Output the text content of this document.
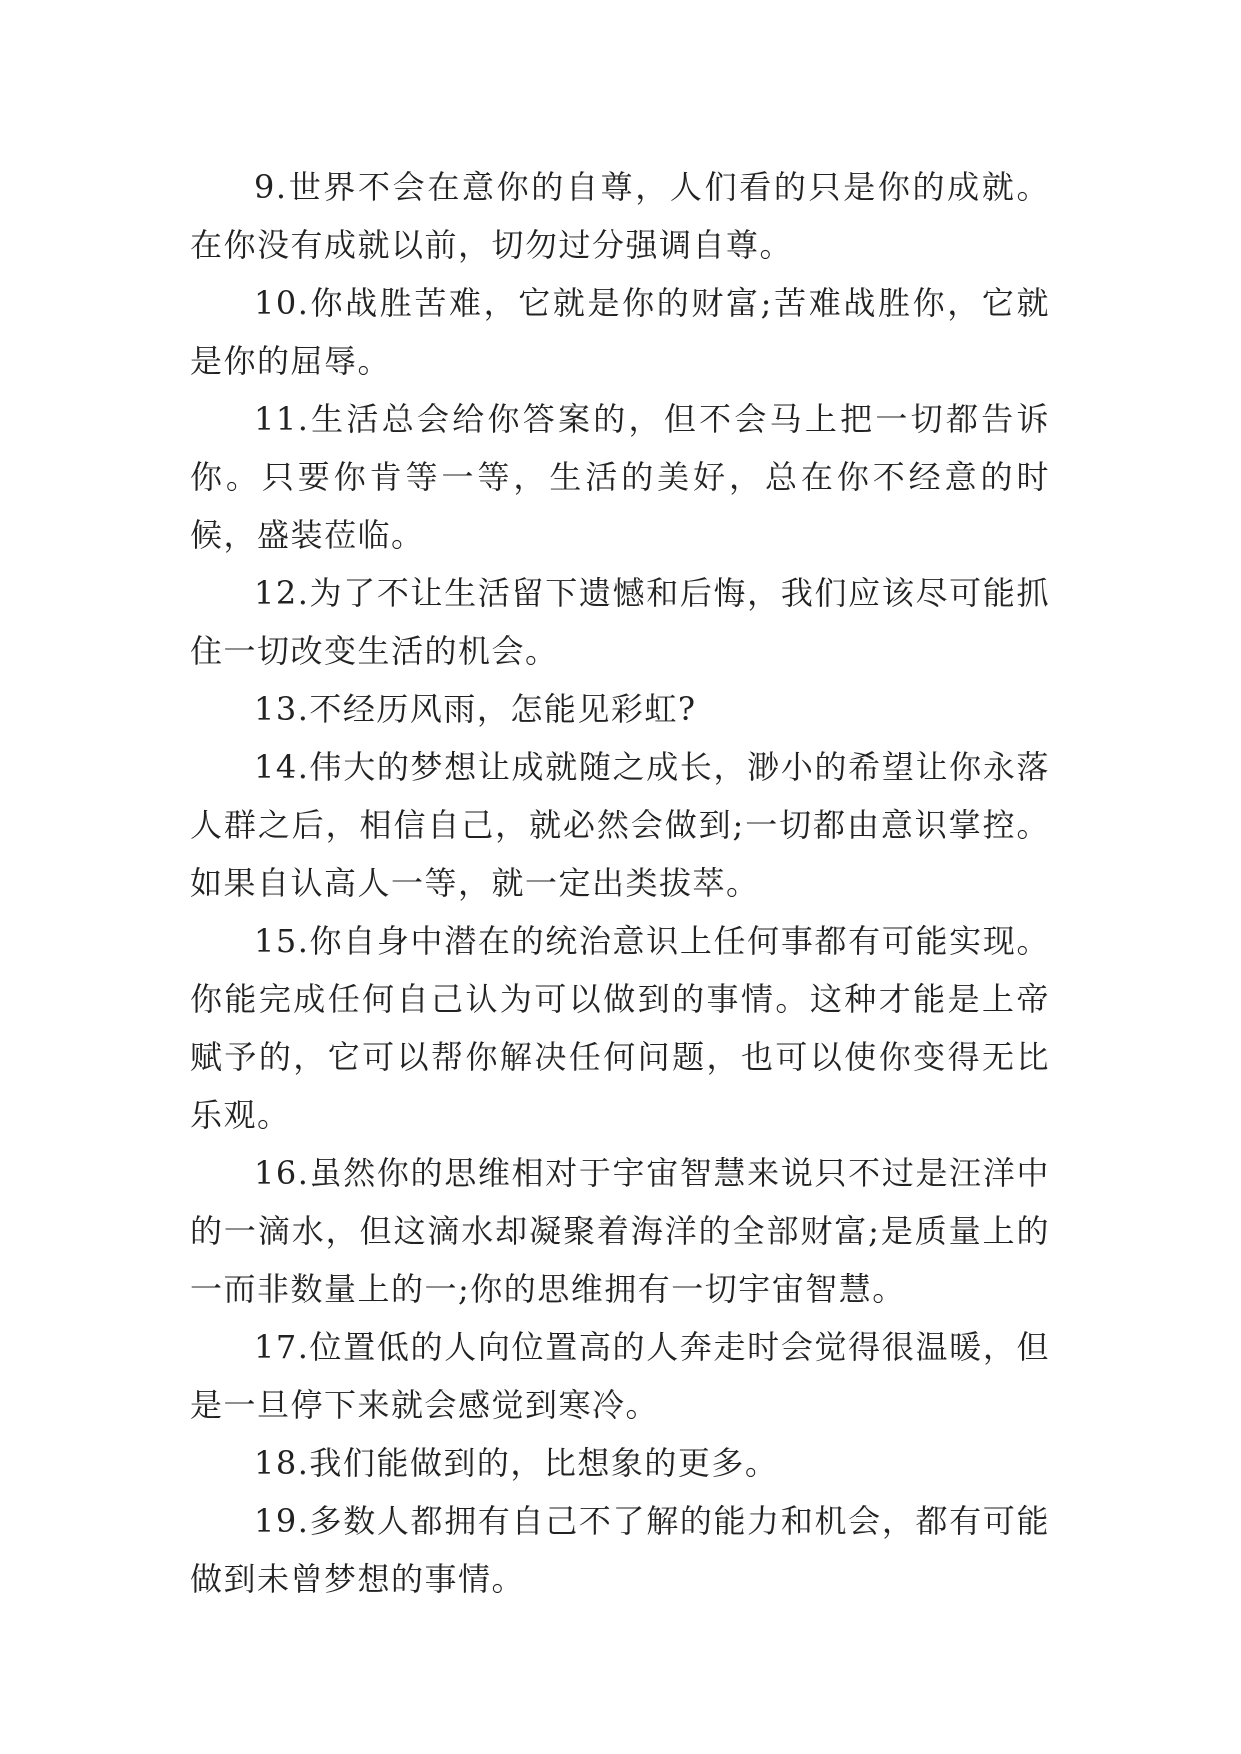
9.世界不会在意你的自尊，人们看的只是你的成就。在你没有成就以前，切勿过分强调自尊。

10.你战胜苦难，它就是你的财富;苦难战胜你，它就是你的屈辱。

11.生活总会给你答案的，但不会马上把一切都告诉你。只要你肯等一等，生活的美好，总在你不经意的时候，盛装莅临。

12.为了不让生活留下遗憾和后悔，我们应该尽可能抓住一切改变生活的机会。

13.不经历风雨，怎能见彩虹?

14.伟大的梦想让成就随之成长，渺小的希望让你永落人群之后，相信自己，就必然会做到;一切都由意识掌控。如果自认高人一等，就一定出类拔萃。

15.你自身中潜在的统治意识上任何事都有可能实现。你能完成任何自己认为可以做到的事情。这种才能是上帝赋予的，它可以帮你解决任何问题，也可以使你变得无比乐观。

16.虽然你的思维相对于宇宙智慧来说只不过是汪洋中的一滴水，但这滴水却凝聚着海洋的全部财富;是质量上的一而非数量上的一;你的思维拥有一切宇宙智慧。

17.位置低的人向位置高的人奔走时会觉得很温暖，但是一旦停下来就会感觉到寒冷。

18.我们能做到的，比想象的更多。

19.多数人都拥有自己不了解的能力和机会，都有可能做到未曾梦想的事情。
